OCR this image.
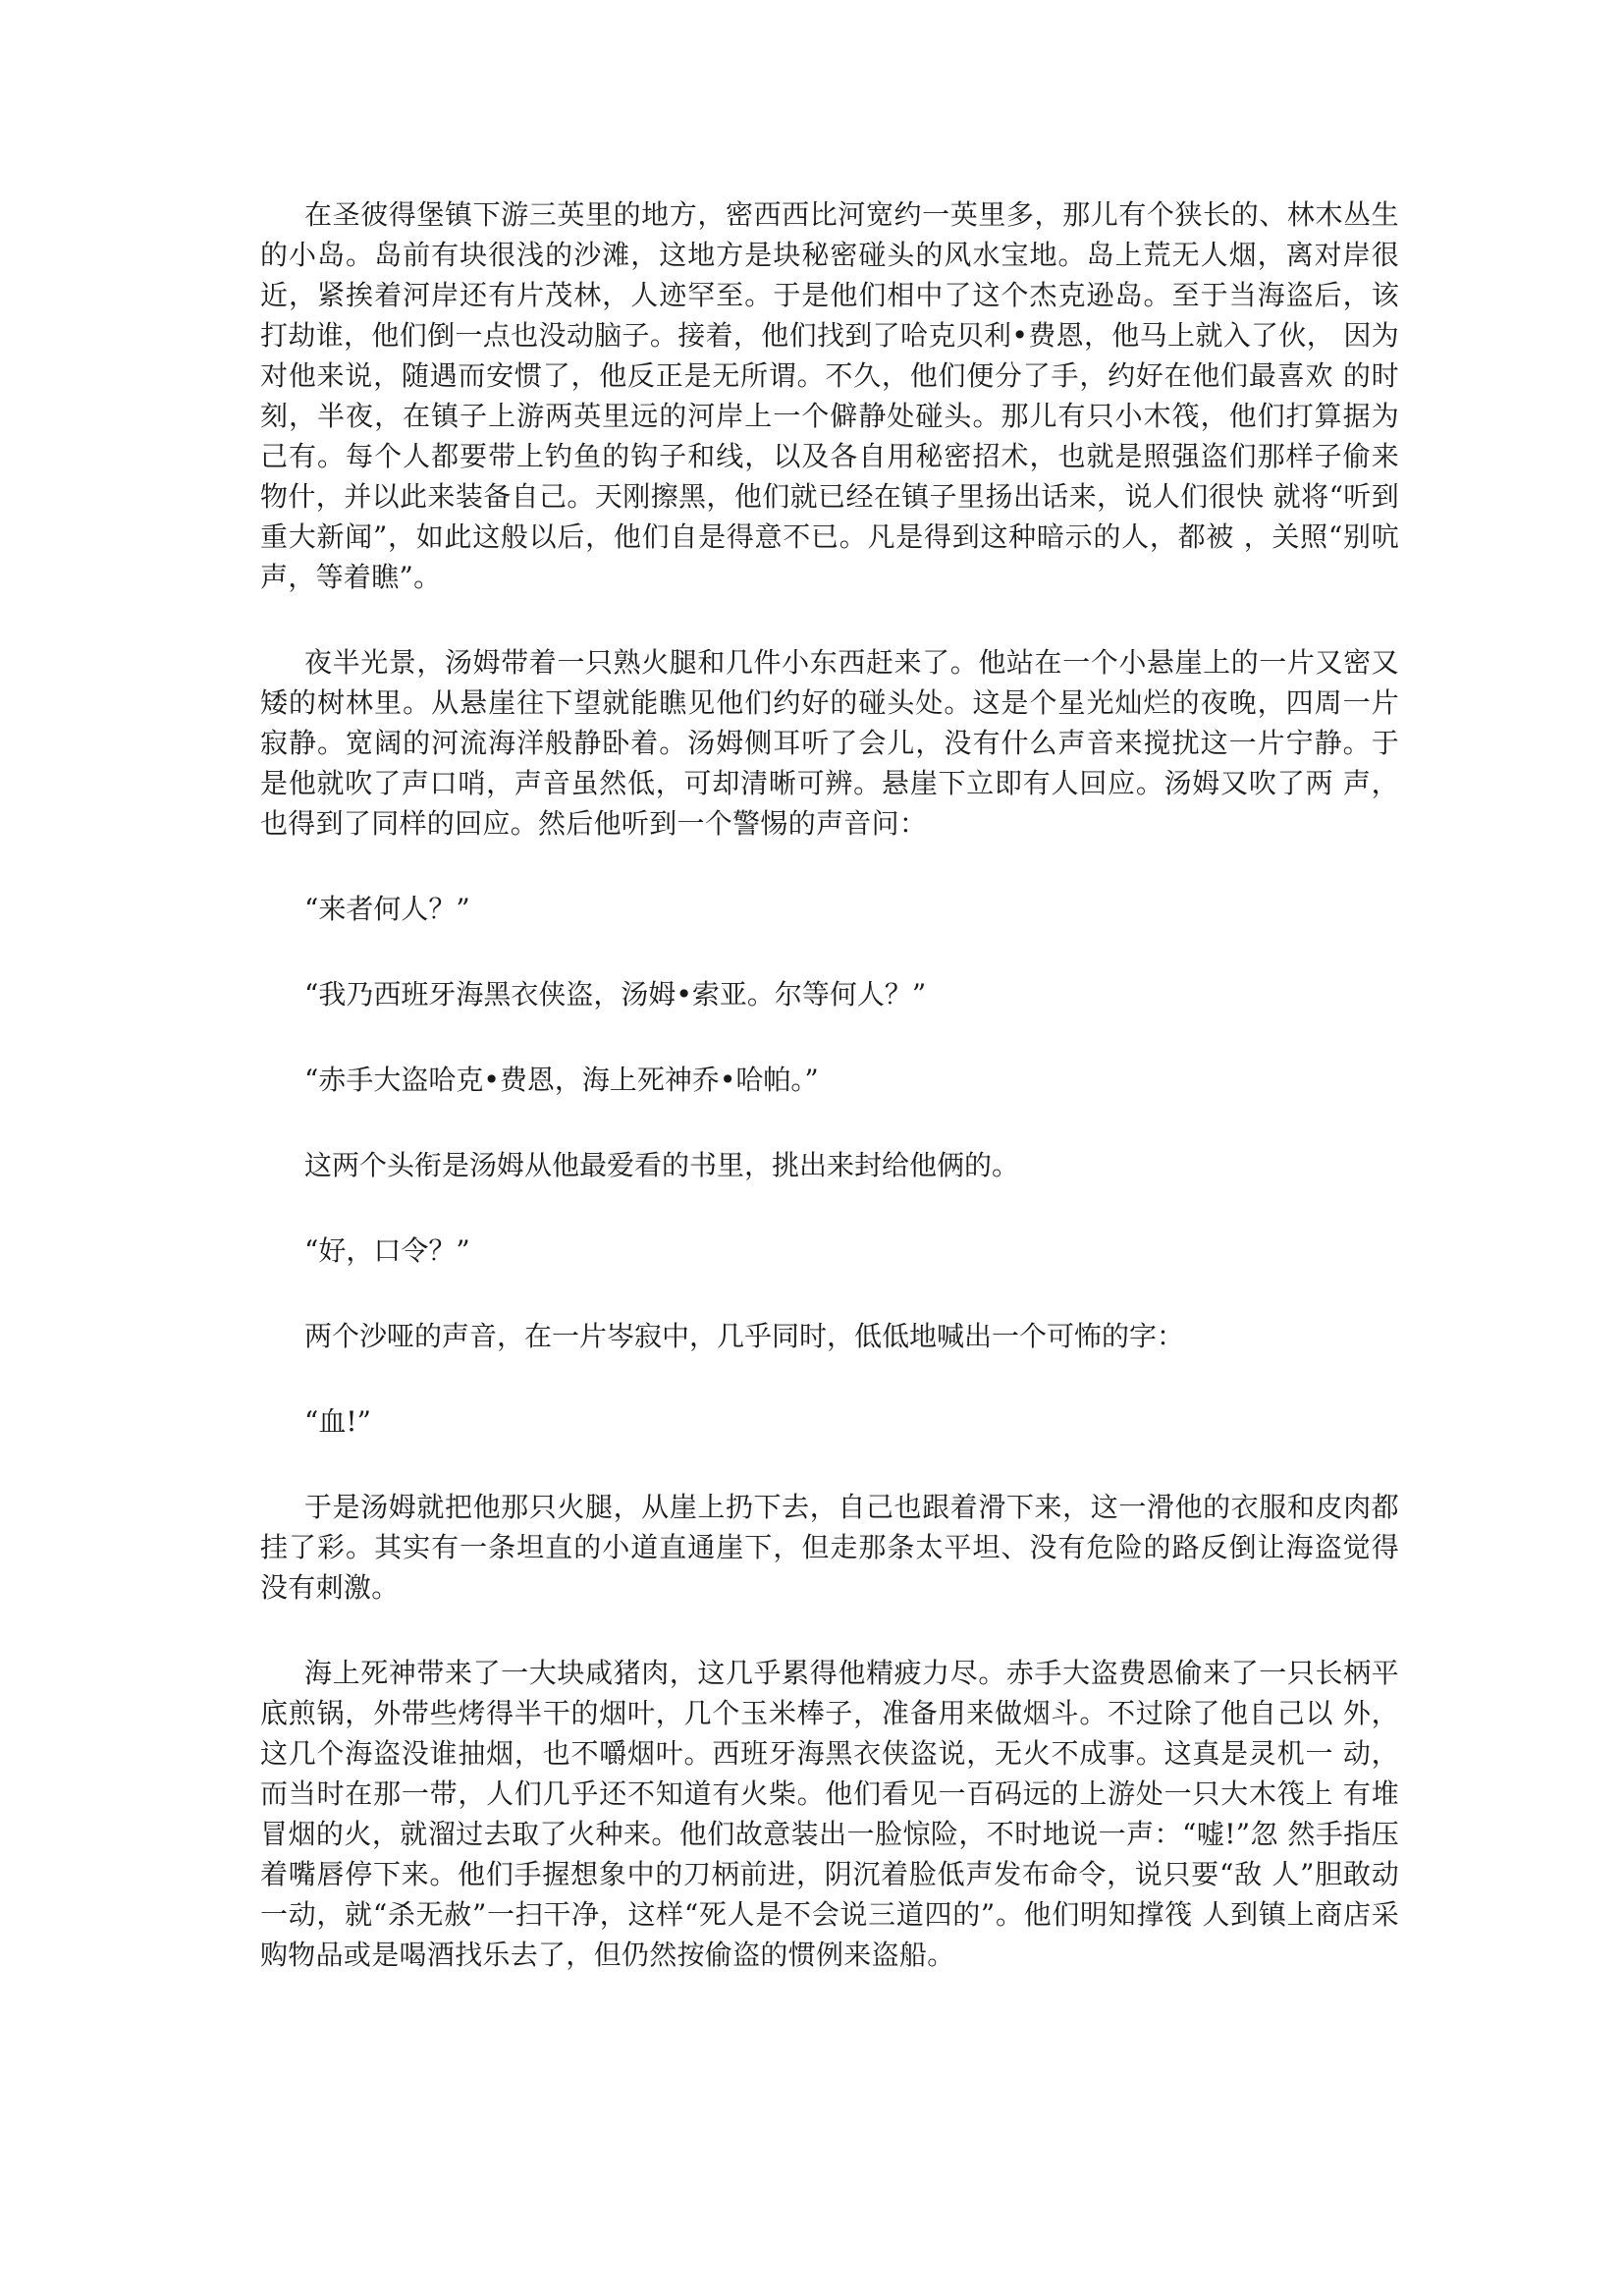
在圣彼得堡镇下游三英里的地方，密西西比河宽约一英里多，那儿有个狭长的、林木丛生的小岛。岛前有块很浅的沙滩，这地方是块秘密碰头的风水宝地。岛上荒无人烟，离对岸很近，紧挨着河岸还有片茂林，人迹罕至。于是他们相中了这个杰克逊岛。至于当海盗后，该打劫谁，他们倒一点也没动脑子。接着，他们找到了哈克贝利•费恩，他马上就入了伙， 因为对他来说，随遇而安惯了，他反正是无所谓。不久，他们便分了手，约好在他们最喜欢 的时刻，半夜，在镇子上游两英里远的河岸上一个僻静处碰头。那儿有只小木筏，他们打算据为己有。每个人都要带上钓鱼的钩子和线，以及各自用秘密招术，也就是照强盗们那样子偷来物什，并以此来装备自己。天刚擦黑，他们就已经在镇子里扬出话来，说人们很快 就将“听到重大新闻”，如此这般以后，他们自是得意不已。凡是得到这种暗示的人，都被 ，关照“别吭声，等着瞧”。

夜半光景，汤姆带着一只熟火腿和几件小东西赶来了。他站在一个小悬崖上的一片又密又矮的树林里。从悬崖往下望就能瞧见他们约好的碰头处。这是个星光灿烂的夜晚，四周一片寂静。宽阔的河流海洋般静卧着。汤姆侧耳听了会儿，没有什么声音来搅扰这一片宁静。于是他就吹了声口哨，声音虽然低，可却清晰可辨。悬崖下立即有人回应。汤姆又吹了两 声，也得到了同样的回应。然后他听到一个警惕的声音问：

“来者何人？”

“我乃西班牙海黑衣侠盗，汤姆•索亚。尔等何人？”

“赤手大盗哈克•费恩，海上死神乔•哈帕。”

这两个头衔是汤姆从他最爱看的书里，挑出来封给他俩的。

“好，口令？”

两个沙哑的声音，在一片岑寂中，几乎同时，低低地喊出一个可怖的字：

“血!”

于是汤姆就把他那只火腿，从崖上扔下去，自己也跟着滑下来，这一滑他的衣服和皮肉都挂了彩。其实有一条坦直的小道直通崖下，但走那条太平坦、没有危险的路反倒让海盗觉得没有刺激。

海上死神带来了一大块咸猪肉，这几乎累得他精疲力尽。赤手大盗费恩偷来了一只长柄平底煎锅，外带些烤得半干的烟叶，几个玉米棒子，准备用来做烟斗。不过除了他自己以 外，这几个海盗没谁抽烟，也不嚼烟叶。西班牙海黑衣侠盗说，无火不成事。这真是灵机一 动，而当时在那一带，人们几乎还不知道有火柴。他们看见一百码远的上游处一只大木筏上 有堆冒烟的火，就溜过去取了火种来。他们故意装出一脸惊险，不时地说一声：“嘘!”忽 然手指压着嘴唇停下来。他们手握想象中的刀柄前进，阴沉着脸低声发布命令，说只要“敌 人”胆敢动一动，就“杀无赦”一扫干净，这样“死人是不会说三道四的”。他们明知撑筏 人到镇上商店采购物品或是喝酒找乐去了，但仍然按偷盗的惯例来盗船。
